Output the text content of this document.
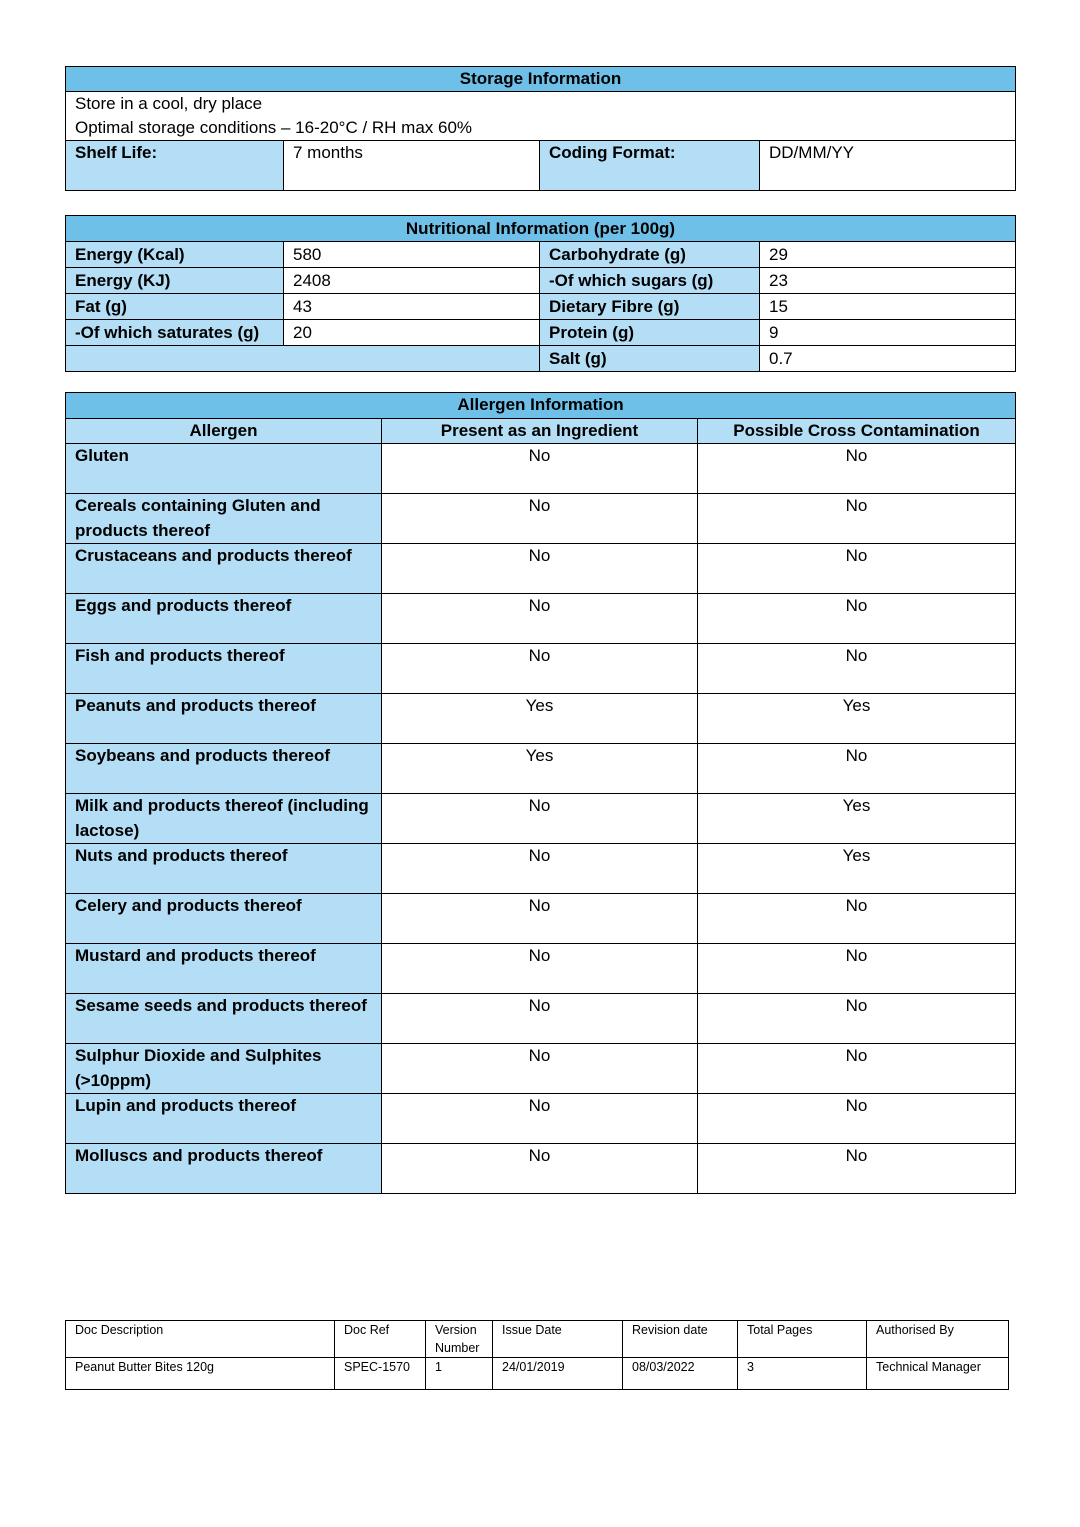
Storage Information

Store in a cool, dry place
Optimal storage conditions – 16-20°C / RH max 60%

Shelf Life:	7 months	Coding Format:	DD/MM/YY
Nutritional Information (per 100g)			
Energy (Kcal)	580	Carbohydrate (g)	29
Energy (KJ)	2408	-Of which sugars (g)	23
Fat (g)	43	Dietary Fibre (g)	15
-Of which saturates (g)	20	Protein (g)	9
		Salt (g)	0.7
Allergen Information		
Allergen	Present as an Ingredient	Possible Cross Contamination
Gluten	No	No
Cereals containing Gluten and products thereof	No	No
Crustaceans and products thereof	No	No
Eggs and products thereof	No	No
Fish and products thereof	No	No
Peanuts and products thereof	Yes	Yes
Soybeans and products thereof	Yes	No
Milk and products thereof (including lactose)	No	Yes
Nuts and products thereof	No	Yes
Celery and products thereof	No	No
Mustard and products thereof	No	No
Sesame seeds and products thereof	No	No
Sulphur Dioxide and Sulphites (>10ppm)	No	No
Lupin and products thereof	No	No
Molluscs and products thereof	No	No
Doc Description	Doc Ref	Version Number	Issue Date	Revision date	Total Pages	Authorised By
Peanut Butter Bites 120g	SPEC-1570	1	24/01/2019	08/03/2022	3	Technical Manager
